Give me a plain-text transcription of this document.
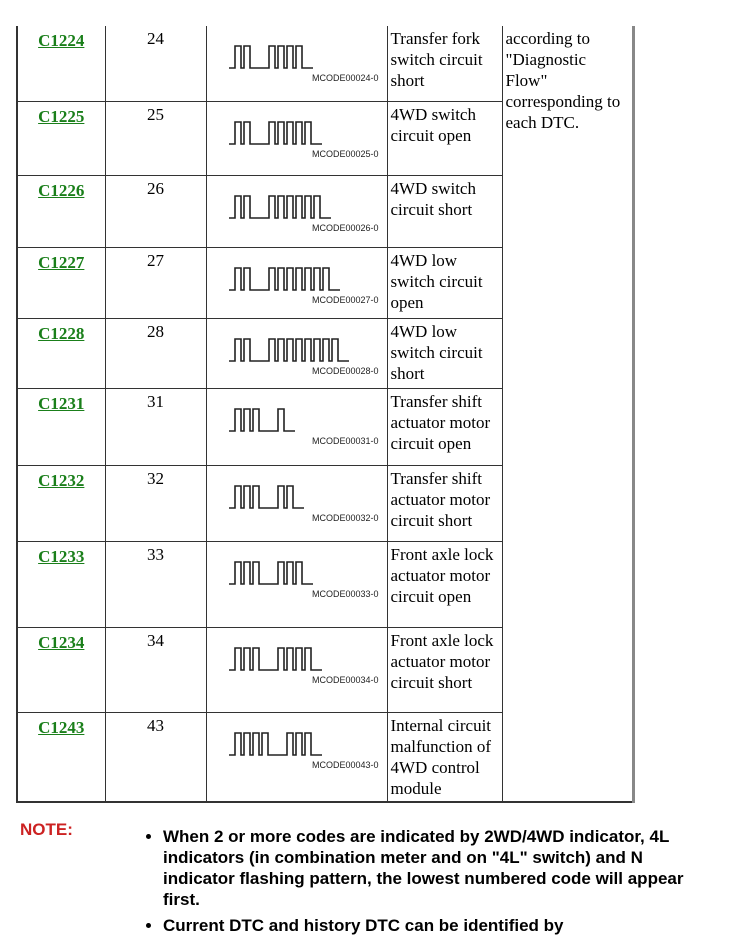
C1224	24	MCODE00024-0	Transfer fork switch circuit short	according to "Diagnostic Flow" corresponding to each DTC.

C1225	25	MCODE00025-0	4WD switch circuit open	

C1226	26	MCODE00026-0	4WD switch circuit short	

C1227	27	MCODE00027-0	4WD low switch circuit open	

C1228	28	MCODE00028-0	4WD low switch circuit short	

C1231	31	MCODE00031-0	Transfer shift actuator motor circuit open	

C1232	32	MCODE00032-0	Transfer shift actuator motor circuit short	

C1233	33	MCODE00033-0	Front axle lock actuator motor circuit open	

C1234	34	MCODE00034-0	Front axle lock actuator motor circuit short	

C1243	43	MCODE00043-0	Internal circuit malfunction of 4WD control module	
NOTE:	• When 2 or more codes are indicated by 2WD/4WD indicator, 4L indicators (in combination meter and on "4L" switch) and N indicator flashing pattern, the lowest numbered code will appear first.
• Current DTC and history DTC can be identified by
